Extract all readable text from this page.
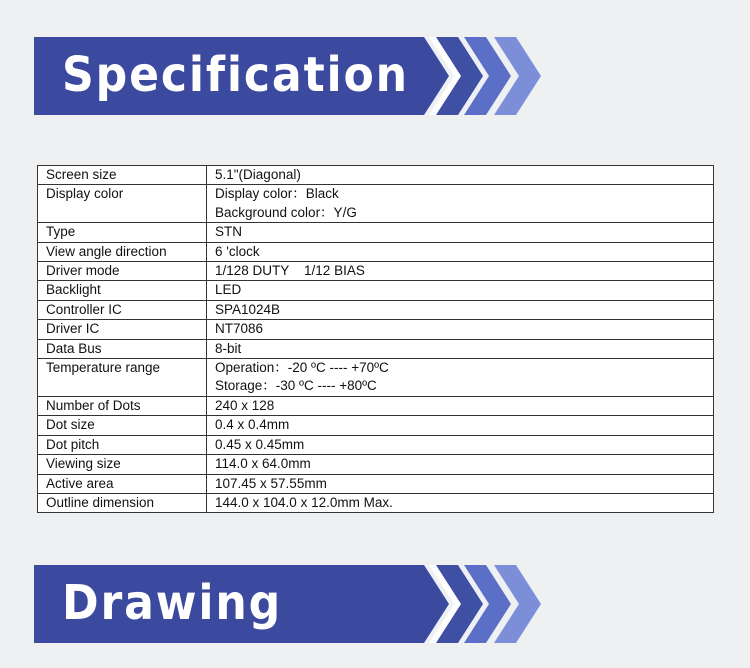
Specification
Screen size	5.1"(Diagonal)
Display color	Display color：Black
Background color：Y/G

Type	STN
View angle direction	6 'clock
Driver mode	1/128 DUTY    1/12 BIAS
Backlight	LED
Controller IC	SPA1024B
Driver IC	NT7086
Data Bus	8-bit
Temperature range	Operation：-20 ºC ---- +70ºC
Storage：-30 ºC ---- +80ºC

Number of Dots	240 x 128
Dot size	0.4 x 0.4mm
Dot pitch	0.45 x 0.45mm
Viewing size	114.0 x 64.0mm
Active area	107.45 x 57.55mm
Outline dimension	144.0 x 104.0 x 12.0mm Max.
Drawing
